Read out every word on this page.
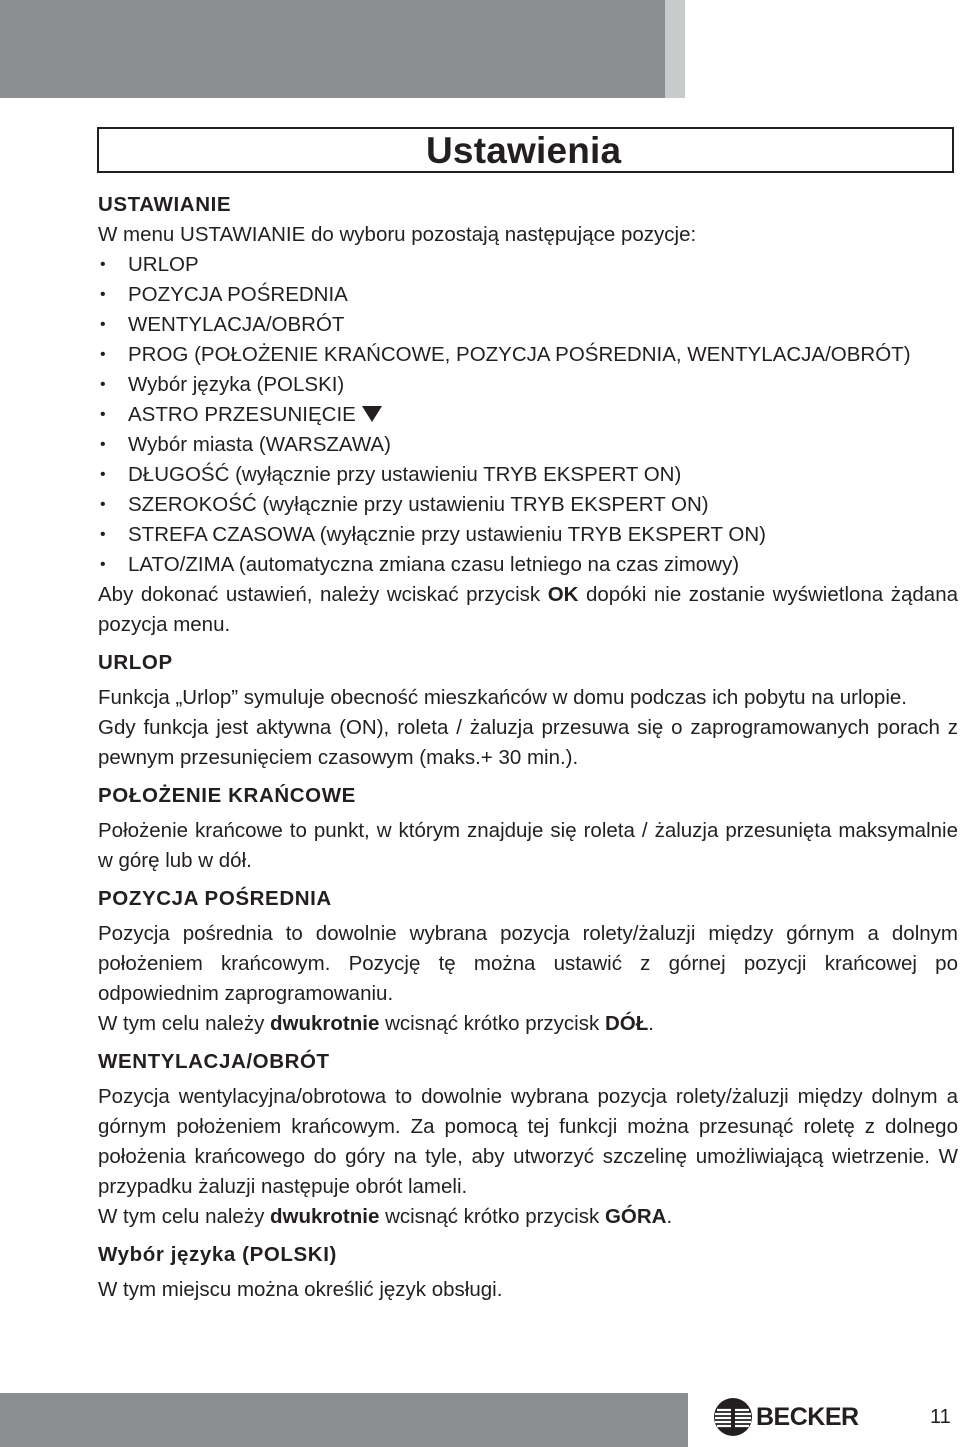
Ustawienia

USTAWIANIE

W menu USTAWIANIE do wyboru pozostają następujące pozycje:

• URLOP
• POZYCJA POŚREDNIA
• WENTYLACJA/OBRÓT
• PROG (POŁOŻENIE KRAŃCOWE, POZYCJA POŚREDNIA, WENTYLACJA/OBRÓT)
• Wybór języka (POLSKI)
• ASTRO PRZESUNIĘCIE
• Wybór miasta (WARSZAWA)
• DŁUGOŚĆ (wyłącznie przy ustawieniu TRYB EKSPERT ON)
• SZEROKOŚĆ (wyłącznie przy ustawieniu TRYB EKSPERT ON)
• STREFA CZASOWA (wyłącznie przy ustawieniu TRYB EKSPERT ON)
• LATO/ZIMA (automatyczna zmiana czasu letniego na czas zimowy)

Aby dokonać ustawień, należy wciskać przycisk OK dopóki nie zostanie wyświetlona żądana pozycja menu.

URLOP

Funkcja „Urlop” symuluje obecność mieszkańców w domu podczas ich pobytu na urlopie.

Gdy funkcja jest aktywna (ON), roleta / żaluzja przesuwa się o zaprogramowanych porach z pewnym przesunięciem czasowym (maks.+ 30 min.).

POŁOŻENIE KRAŃCOWE

Położenie krańcowe to punkt, w którym znajduje się roleta / żaluzja przesunięta maksymalnie w górę lub w dół.

POZYCJA POŚREDNIA

Pozycja pośrednia to dowolnie wybrana pozycja rolety/żaluzji między górnym a dolnym położeniem krańcowym. Pozycję tę można ustawić z górnej pozycji krańcowej po odpowiednim zaprogramowaniu.

W tym celu należy dwukrotnie wcisnąć krótko przycisk DÓŁ.

WENTYLACJA/OBRÓT

Pozycja wentylacyjna/obrotowa to dowolnie wybrana pozycja rolety/żaluzji między dolnym a górnym położeniem krańcowym. Za pomocą tej funkcji można przesunąć roletę z dolnego położenia krańcowego do góry na tyle, aby utworzyć szczelinę umożliwiającą wietrzenie. W przypadku żaluzji następuje obrót lameli.

W tym celu należy dwukrotnie wcisnąć krótko przycisk GÓRA.

Wybór języka (POLSKI)

W tym miejscu można określić język obsługi.

BECKER	11
